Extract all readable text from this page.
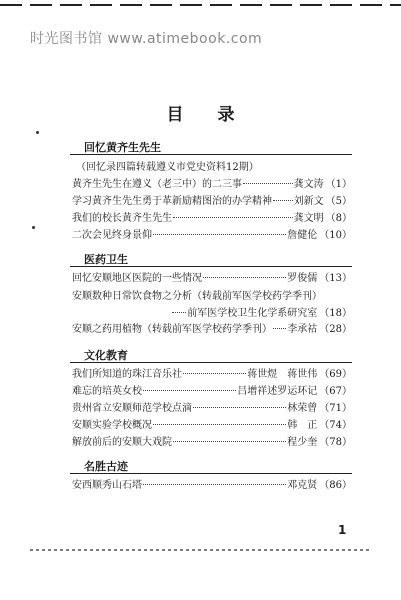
时光图书馆 www.atimebook.com
目 录
回忆黄齐生先生
（回忆录四篇转载遵义市党史资料12期）
黄齐生先生在遵义（老三中）的二三事	龚文涛 （1）
学习黄齐生先生勇于革新励精图治的办学精神 刘新文 （5）
我们的校长黄齐生先生	龚文明 （8）
二次会见终身景仰	詹健伦 （10）
医药卫生
回忆安顺地区医院的一些情况	罗俊儒 （13）
安顺数种日常饮食物之分析（转载前军医学校药学季刊）
前军医学校卫生化学系研究室 （18）
安顺之药用植物（转载前军医学校药学季刊） 李承祜 （28）
文化教育
我们所知道的珠江音乐社	蒋世煜　蒋世伟 （69）
难忘的培英女校	吕增祥述罗运环记 （67）
贵州省立安顺师范学校点滴	林荣曾 （71）
安顺实验学校概况	韩　正 （74）
解放前后的安顺大戏院	程少奎 （78）
名胜古迹
安西顺秀山石塔	邓克贤 （86）
1
